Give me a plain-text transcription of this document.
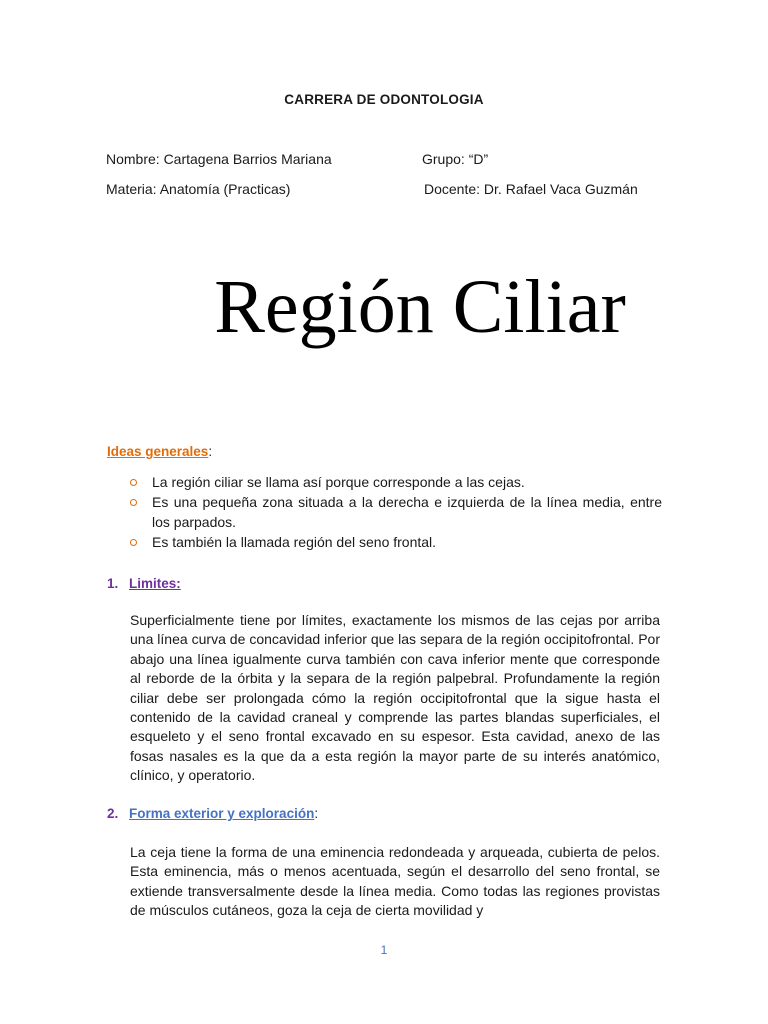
CARRERA DE ODONTOLOGIA
Nombre: Cartagena Barrios Mariana	Grupo: “D”
Materia: Anatomía (Practicas)	Docente: Dr. Rafael Vaca Guzmán
Región Ciliar
Ideas generales:
La región ciliar se llama así porque corresponde a las cejas.
Es una pequeña zona situada a la derecha e izquierda de la línea media, entre los parpados.
Es también la llamada región del seno frontal.
1. Limites:
Superficialmente tiene por límites, exactamente los mismos de las cejas por arriba una línea curva de concavidad inferior que las separa de la región occipitofrontal. Por abajo una línea igualmente curva también con cava inferior mente que corresponde al reborde de la órbita y la separa de la región palpebral. Profundamente la región ciliar debe ser prolongada cómo la región occipitofrontal que la sigue hasta el contenido de la cavidad craneal y comprende las partes blandas superficiales, el esqueleto y el seno frontal excavado en su espesor. Esta cavidad, anexo de las fosas nasales es la que da a esta región la mayor parte de su interés anatómico, clínico, y operatorio.
2. Forma exterior y exploración:
La ceja tiene la forma de una eminencia redondeada y arqueada, cubierta de pelos. Esta eminencia, más o menos acentuada, según el desarrollo del seno frontal, se extiende transversalmente desde la línea media. Como todas las regiones provistas de músculos cutáneos, goza la ceja de cierta movilidad y
1
